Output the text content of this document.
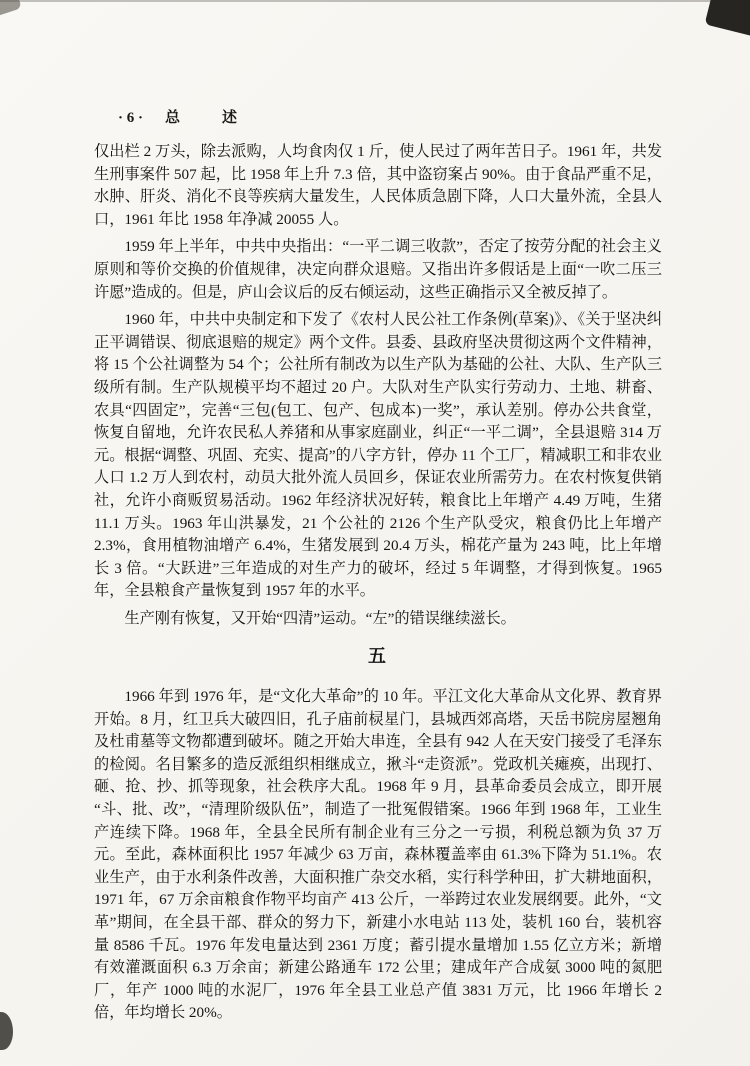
· 6 · 总　述

仅出栏 2 万头，除去派购，人均食肉仅 1 斤，使人民过了两年苦日子。1961 年，共发生刑事案件 507 起，比 1958 年上升 7.3 倍，其中盗窃案占 90%。由于食品严重不足，水肿、肝炎、消化不良等疾病大量发生，人民体质急剧下降，人口大量外流，全县人口，1961 年比 1958 年净减 20055 人。

1959 年上半年，中共中央指出：“一平二调三收款”，否定了按劳分配的社会主义原则和等价交换的价值规律，决定向群众退赔。又指出许多假话是上面“一吹二压三许愿”造成的。但是，庐山会议后的反右倾运动，这些正确指示又全被反掉了。

1960 年，中共中央制定和下发了《农村人民公社工作条例(草案)》、《关于坚决纠正平调错误、彻底退赔的规定》两个文件。县委、县政府坚决贯彻这两个文件精神，将 15 个公社调整为 54 个；公社所有制改为以生产队为基础的公社、大队、生产队三级所有制。生产队规模平均不超过 20 户。大队对生产队实行劳动力、土地、耕畜、农具“四固定”，完善“三包(包工、包产、包成本)一奖”，承认差别。停办公共食堂，恢复自留地，允许农民私人养猪和从事家庭副业，纠正“一平二调”，全县退赔 314 万元。根据“调整、巩固、充实、提高”的八字方针，停办 11 个工厂，精减职工和非农业人口 1.2 万人到农村，动员大批外流人员回乡，保证农业所需劳力。在农村恢复供销社，允许小商贩贸易活动。1962 年经济状况好转，粮食比上年增产 4.49 万吨，生猪 11.1 万头。1963 年山洪暴发，21 个公社的 2126 个生产队受灾，粮食仍比上年增产 2.3%，食用植物油增产 6.4%，生猪发展到 20.4 万头，棉花产量为 243 吨，比上年增长 3 倍。“大跃进”三年造成的对生产力的破坏，经过 5 年调整，才得到恢复。1965 年，全县粮食产量恢复到 1957 年的水平。

生产刚有恢复，又开始“四清”运动。“左”的错误继续滋长。

五

1966 年到 1976 年，是“文化大革命”的 10 年。平江文化大革命从文化界、教育界开始。8 月，红卫兵大破四旧，孔子庙前棂星门，县城西郊高塔，天岳书院房屋翘角及杜甫墓等文物都遭到破坏。随之开始大串连，全县有 942 人在天安门接受了毛泽东的检阅。名目繁多的造反派组织相继成立，揪斗“走资派”。党政机关瘫痪，出现打、砸、抢、抄、抓等现象，社会秩序大乱。1968 年 9 月，县革命委员会成立，即开展“斗、批、改”，“清理阶级队伍”，制造了一批冤假错案。1966 年到 1968 年，工业生产连续下降。1968 年，全县全民所有制企业有三分之一亏损，利税总额为负 37 万元。至此，森林面积比 1957 年减少 63 万亩，森林覆盖率由 61.3%下降为 51.1%。农业生产，由于水利条件改善，大面积推广杂交水稻，实行科学种田，扩大耕地面积，1971 年，67 万余亩粮食作物平均亩产 413 公斤，一举跨过农业发展纲要。此外，“文革”期间，在全县干部、群众的努力下，新建小水电站 113 处，装机 160 台，装机容量 8586 千瓦。1976 年发电量达到 2361 万度；蓄引提水量增加 1.55 亿立方米；新增有效灌溉面积 6.3 万余亩；新建公路通车 172 公里；建成年产合成氨 3000 吨的氮肥厂，年产 1000 吨的水泥厂，1976 年全县工业总产值 3831 万元，比 1966 年增长 2 倍，年均增长 20%。
